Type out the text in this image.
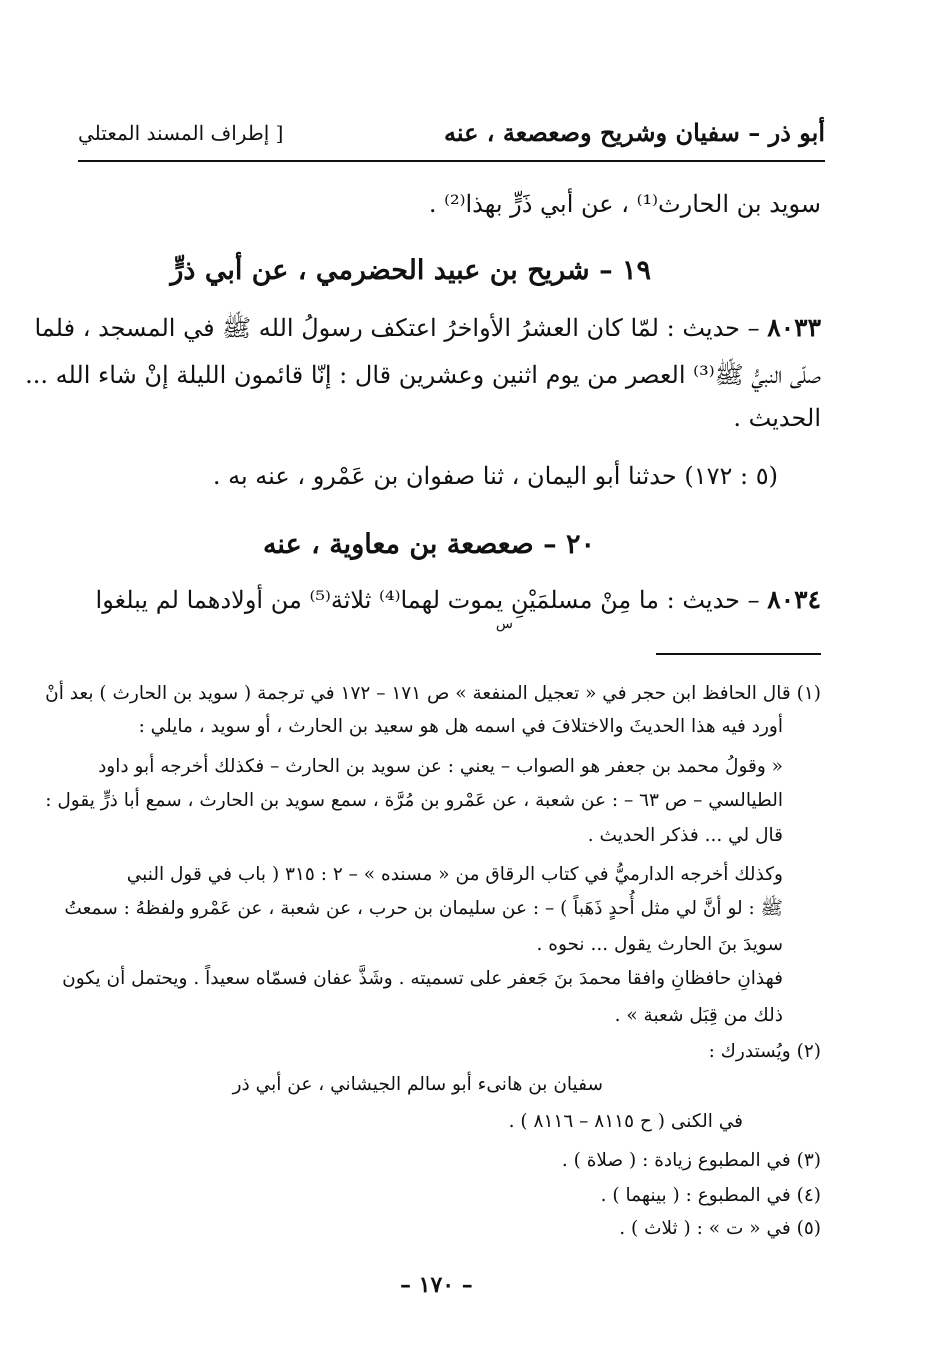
أبو ذر – سفيان وشريح وصعصعة ، عنه
[ إطراف المسند المعتلي
سويد بن الحارث⁽¹⁾ ، عن أبي ذَرٍّ بهذا⁽²⁾ .
١٩ – شريح بن عبيد الحضرمي ، عن أبي ذرٍّ
٨٠٣٣ – حديث : لمّا كان العشرُ الأواخرُ اعتكف رسولُ الله ﷺ في المسجد ، فلما
صلّى النبيُّ ﷺ⁽³⁾ العصر من يوم اثنين وعشرين قال : إنّا قائمون الليلة إنْ شاء الله ...
الحديث .
(٥ : ١٧٢) حدثنا أبو اليمان ، ثنا صفوان بن عَمْرو ، عنه به .
٢٠ – صعصعة بن معاوية ، عنه
٨٠٣٤ – حديث : ما مِنْ مسلمَيْنِ يموت لهما⁽⁴⁾ ثلاثة⁽⁵⁾ من أولادهما لم يبلغوا
س
(١) قال الحافظ ابن حجر في « تعجيل المنفعة » ص ١٧١ – ١٧٢ في ترجمة ( سويد بن الحارث ) بعد أنْ
أورد فيه هذا الحديثَ والاختلافَ في اسمه هل هو سعيد بن الحارث ، أو سويد ، مايلي :
« وقولُ محمد بن جعفر هو الصواب – يعني : عن سويد بن الحارث – فكذلك أخرجه أبو داود
الطيالسي – ص ٦٣ – : عن شعبة ، عن عَمْرو بن مُرَّة ، سمع سويد بن الحارث ، سمع أبا ذرٍّ يقول :
قال لي ... فذكر الحديث .
وكذلك أخرجه الدارميُّ في كتاب الرقاق من « مسنده » – ٢ : ٣١٥ ( باب في قول النبي
ﷺ : لو أنَّ لي مثل أُحدٍ ذَهَباً ) – : عن سليمان بن حرب ، عن شعبة ، عن عَمْرو ولفظهُ : سمعتُ
سويدَ بنَ الحارث يقول ... نحوه .
فهذانِ حافظانِ وافقا محمدَ بنَ جَعفر على تسميته . وشَذَّ عفان فسمّاه سعيداً . ويحتمل أن يكون
ذلك من قِبَل شعبة » .
(٢) ويُستدرك :
سفيان بن هانىء أبو سالم الجيشاني ، عن أبي ذر
في الكنى ( ح ٨١١٥ – ٨١١٦ ) .
(٣) في المطبوع زيادة : ( صلاة ) .
(٤) في المطبوع : ( بينهما ) .
(٥) في « ت » : ( ثلاث ) .
– ١٧٠ –
